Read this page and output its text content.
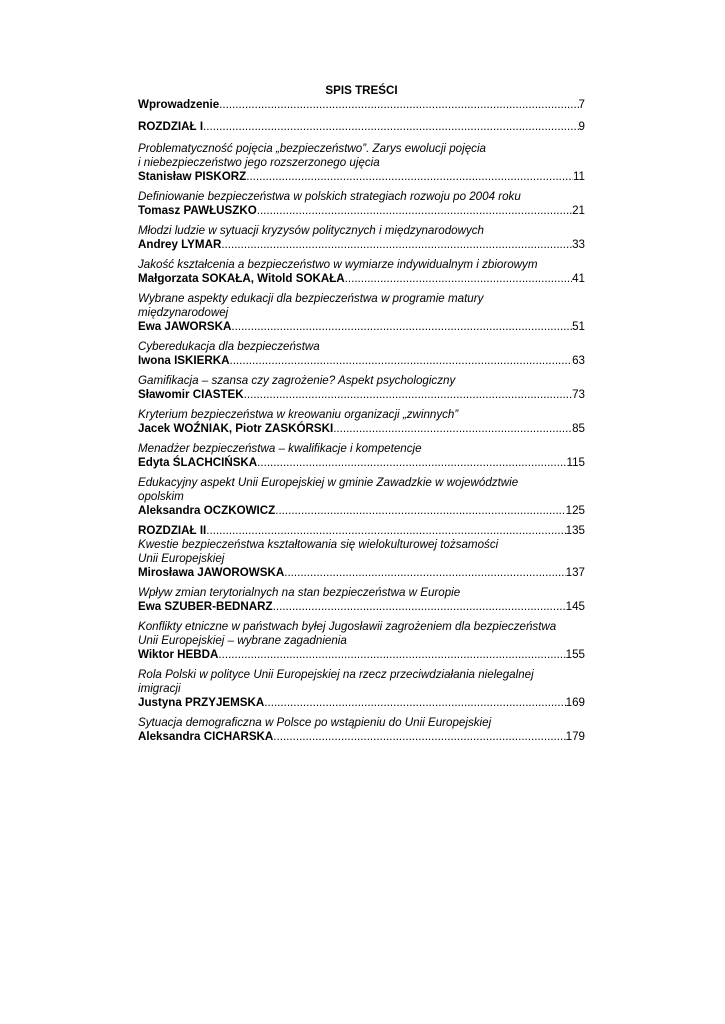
SPIS TREŚCI
Wprowadzenie .....	7
ROZDZIAŁ I .....	9
Problematyczność pojęcia „bezpieczeństwo”. Zarys ewolucji pojęcia
i niebezpieczeństwo jego rozszerzonego ujęcia
Stanisław PISKORZ .....	11
Definiowanie bezpieczeństwa w polskich strategiach rozwoju po 2004 roku
Tomasz PAWŁUSZKO .....	21
Młodzi ludzie w sytuacji kryzysów politycznych i międzynarodowych
Andrey LYMAR .....	33
Jakość kształcenia a bezpieczeństwo w wymiarze indywidualnym i zbiorowym
Małgorzata SOKAŁA , Witold SOKAŁA .....	41
Wybrane aspekty edukacji dla bezpieczeństwa w programie matury
międzynarodowej
Ewa JAWORSKA .....	51
Cyberedukacja dla bezpieczeństwa
Iwona ISKIERKA .....	63
Gamifikacja – szansa czy zagrożenie? Aspekt psychologiczny
Sławomir CIASTEK .....	73
Kryterium bezpieczeństwa w kreowaniu organizacji „zwinnych”
Jacek WOŹNIAK, Piotr ZASKÓRSKI .....	85
Menadżer bezpieczeństwa – kwalifikacje i kompetencje
Edyta ŚLACHCIŃSKA .....	115
Edukacyjny aspekt Unii Europejskiej w gminie Zawadzkie w województwie
opolskim
Aleksandra OCZKOWICZ .....	125
ROZDZIAŁ II .....	135
Kwestie bezpieczeństwa kształtowania się wielokulturowej tożsamości
Unii Europejskiej
Mirosława JAWOROWSKA .....	137
Wpływ zmian terytorialnych na stan bezpieczeństwa w Europie
Ewa SZUBER-BEDNARZ .....	145
Konflikty etniczne w państwach byłej Jugosławii zagrożeniem dla bezpieczeństwa
Unii Europejskiej – wybrane zagadnienia
Wiktor HEBDA .....	155
Rola Polski w polityce Unii Europejskiej na rzecz przeciwdziałania nielegalnej
imigracji
Justyna PRZYJEMSKA .....	169
Sytuacja demograficzna w Polsce po wstąpieniu do Unii Europejskiej
Aleksandra CICHARSKA .....	179
